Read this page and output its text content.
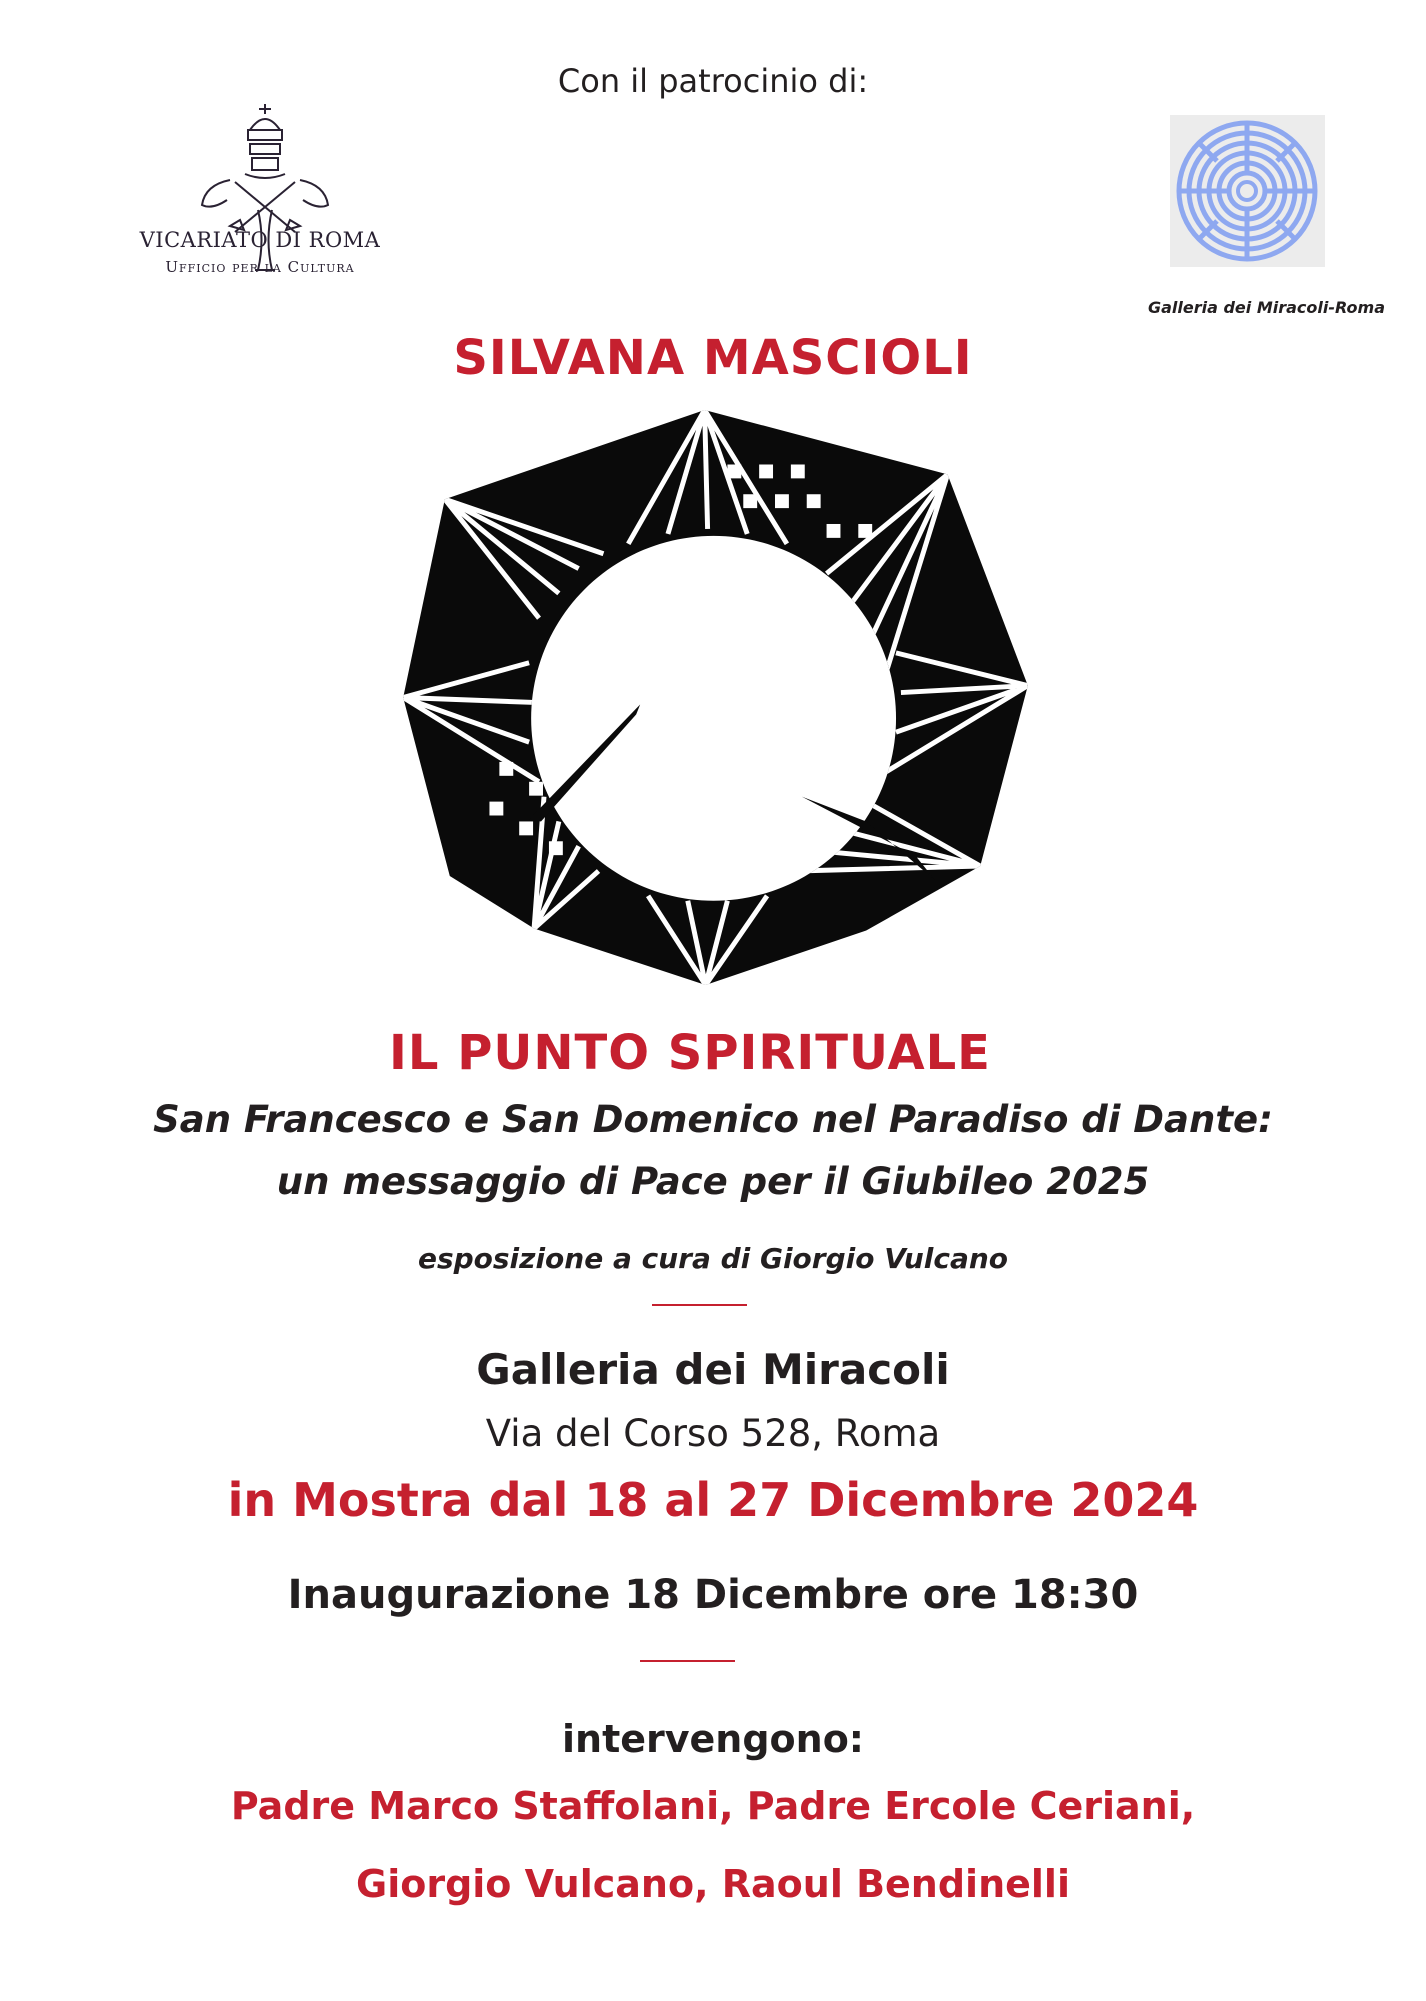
Con il patrocinio di:
VICARIATO DI ROMA
Ufficio per la Cultura
Galleria dei Miracoli-Roma
SILVANA MASCIOLI
IL PUNTO SPIRITUALE
San Francesco e San Domenico nel Paradiso di Dante:
un messaggio di Pace per il Giubileo 2025
esposizione a cura di Giorgio Vulcano
Galleria dei Miracoli
Via del Corso 528, Roma
in Mostra dal 18 al 27 Dicembre 2024
Inaugurazione 18 Dicembre ore 18:30
intervengono:
Padre Marco Staffolani, Padre Ercole Ceriani,
Giorgio Vulcano, Raoul Bendinelli
